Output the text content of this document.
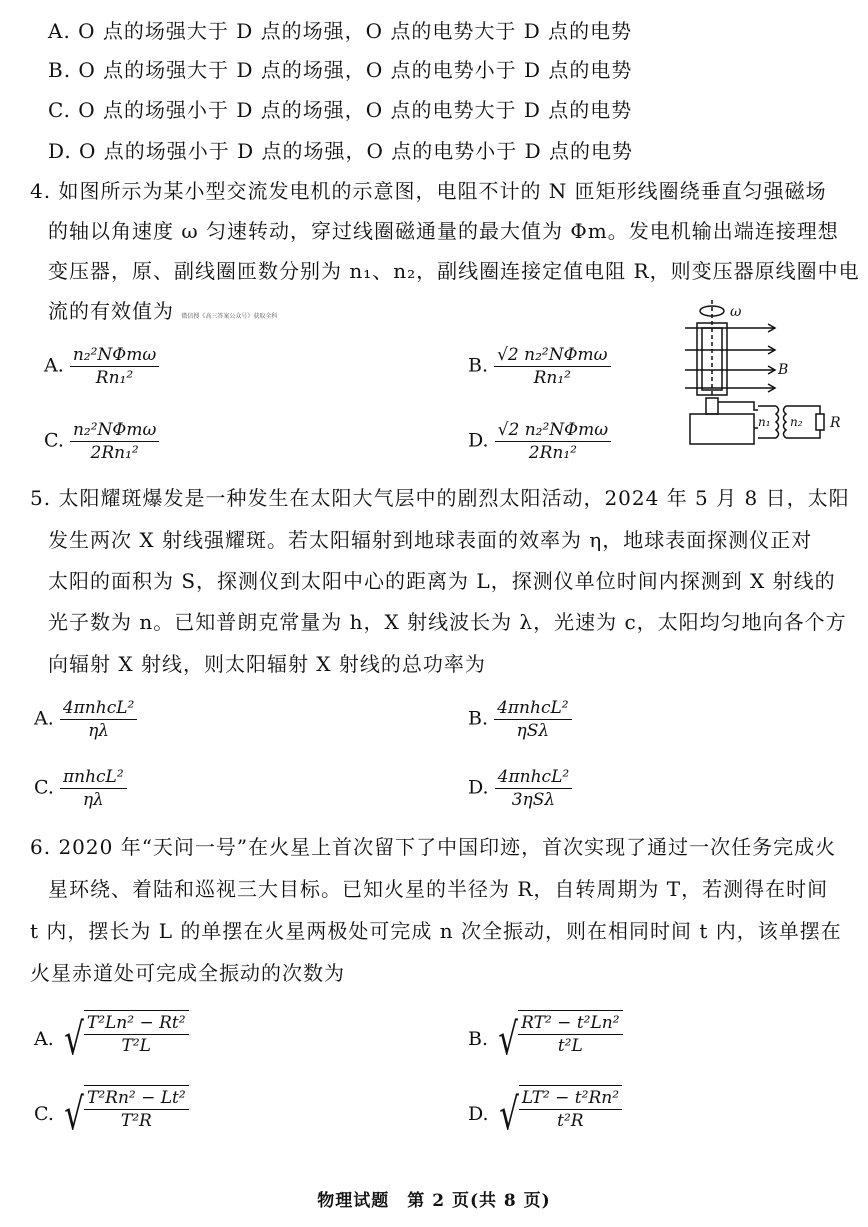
A. O 点的场强大于 D 点的场强，O 点的电势大于 D 点的电势
B. O 点的场强大于 D 点的场强，O 点的电势小于 D 点的电势
C. O 点的场强小于 D 点的场强，O 点的电势大于 D 点的电势
D. O 点的场强小于 D 点的场强，O 点的电势小于 D 点的电势
4. 如图所示为某小型交流发电机的示意图，电阻不计的 N 匝矩形线圈绕垂直匀强磁场
的轴以角速度 ω 匀速转动，穿过线圈磁通量的最大值为 Φm。发电机输出端连接理想
变压器，原、副线圈匝数分别为 n₁、n₂，副线圈连接定值电阻 R，则变压器原线圈中电
流的有效值为 微信搜《高三答案公众号》获取全科
A. $\frac{\text{n₂²NΦmω}}{\text{Rn₁²}}$	B. $\frac{\text{√2 n₂²NΦmω}}{\text{Rn₁²}}$
C. $\frac{\text{n₂²NΦmω}}{\text{2Rn₁²}}$	D. $\frac{\text{√2 n₂²NΦmω}}{\text{2Rn₁²}}$
ω
B
n₁ n₂ R
5. 太阳耀斑爆发是一种发生在太阳大气层中的剧烈太阳活动，2024 年 5 月 8 日，太阳
发生两次 X 射线强耀斑。若太阳辐射到地球表面的效率为 η，地球表面探测仪正对
太阳的面积为 S，探测仪到太阳中心的距离为 L，探测仪单位时间内探测到 X 射线的
光子数为 n。已知普朗克常量为 h，X 射线波长为 λ，光速为 c，太阳均匀地向各个方
向辐射 X 射线，则太阳辐射 X 射线的总功率为
A. $\frac{\text{4πnhcL²}}{\eta\lambda}$	B. $\frac{\text{4πnhcL²}}{\text{ηSλ}}$
C. $\frac{\text{πnhcL²}}{\eta\lambda}$	D. $\frac{\text{4πnhcL²}}{\text{3ηSλ}}$
6. 2020 年“天问一号”在火星上首次留下了中国印迹，首次实现了通过一次任务完成火
星环绕、着陆和巡视三大目标。已知火星的半径为 R，自转周期为 T，若测得在时间
t 内，摆长为 L 的单摆在火星两极处可完成 n 次全振动，则在相同时间 t 内，该单摆在
火星赤道处可完成全振动的次数为
A. √ $\frac{\text{T²Ln² − Rt²}}{\text{T²L}}$	B. √ $\frac{\text{RT² − t²Ln²}}{\text{t²L}}$
C. √ $\frac{\text{T²Rn² − Lt²}}{\text{T²R}}$	D. √ $\frac{\text{LT² − t²Rn²}}{\text{t²R}}$
物理试题　第 2 页(共 8 页)
